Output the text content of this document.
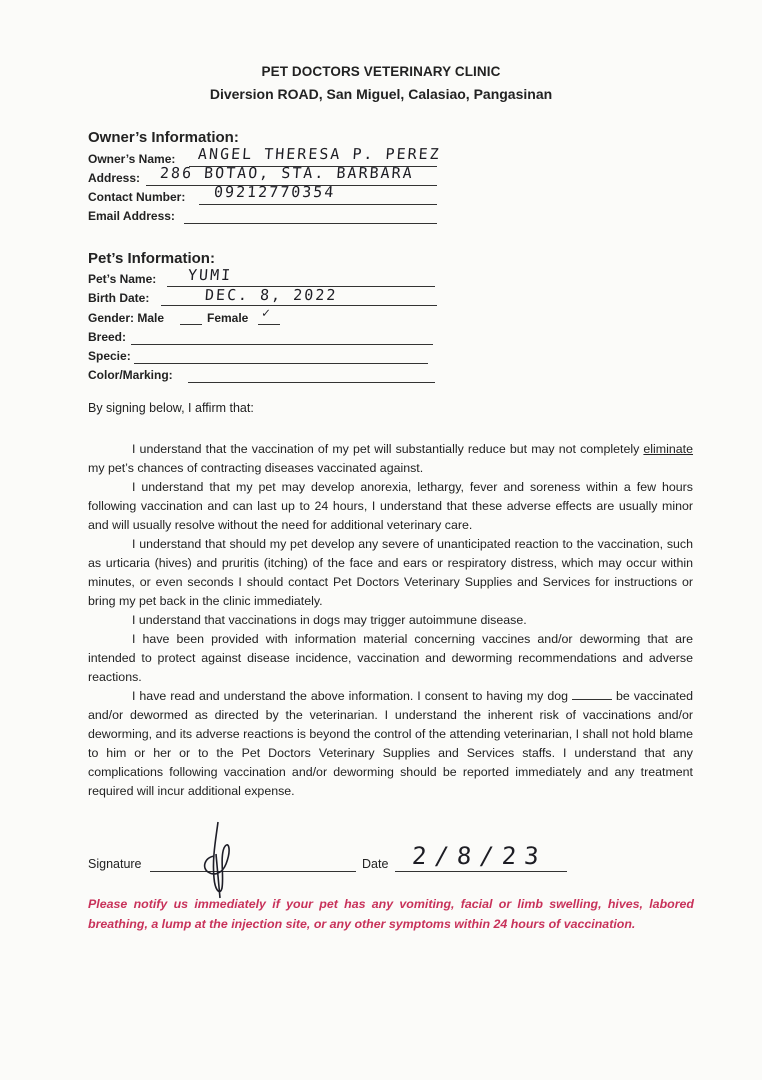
PET DOCTORS VETERINARY CLINIC
Diversion ROAD, San Miguel, Calasiao, Pangasinan
Owner’s Information:
Owner’s Name: ANGEL THERESA P. PEREZ
Address: 286 BOTAO, STA. BARBARA
Contact Number: 09212770354
Email Address:
Pet’s Information:
Pet’s Name: YUMI
Birth Date:	DEC. 8, 2022
Gender: Male	Female ✓
Breed:
Specie:
Color/Marking:
By signing below, I affirm that:

I understand that the vaccination of my pet will substantially reduce but may not completely eliminate my pet’s chances of contracting diseases vaccinated against.

I understand that my pet may develop anorexia, lethargy, fever and soreness within a few hours following vaccination and can last up to 24 hours, I understand that these adverse effects are usually minor and will usually resolve without the need for additional veterinary care.

I understand that should my pet develop any severe of unanticipated reaction to the vaccination, such as urticaria (hives) and pruritis (itching) of the face and ears or respiratory distress, which may occur within minutes, or even seconds I should contact Pet Doctors Veterinary Supplies and Services for instructions or bring my pet back in the clinic immediately.

I understand that vaccinations in dogs may trigger autoimmune disease.

I have been provided with information material concerning vaccines and/or deworming that are intended to protect against disease incidence, vaccination and deworming recommendations and adverse reactions.

I have read and understand the above information. I consent to having my dog	be vaccinated and/or dewormed as directed by the veterinarian. I understand the inherent risk of vaccinations and/or deworming, and its adverse reactions is beyond the control of the attending veterinarian, I shall not hold blame to him or her or to the Pet Doctors Veterinary Supplies and Services staffs. I understand that any complications following vaccination and/or deworming should be reported immediately and any treatment required will incur additional expense.

Signature	Date 2/8/23
Please notify us immediately if your pet has any vomiting, facial or limb swelling, hives, labored breathing, a lump at the injection site, or any other symptoms within 24 hours of vaccination.
